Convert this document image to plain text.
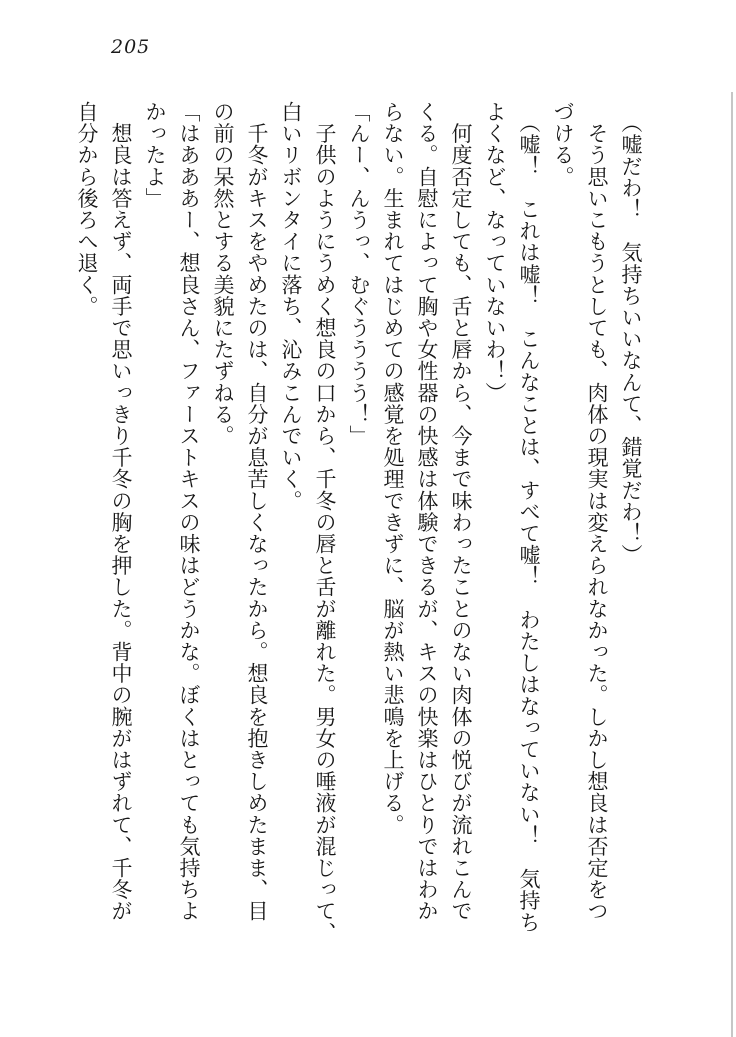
205
　（嘘だわ！　気持ちいいなんて、錯覚だわ！）
　そう思いこもうとしても、肉体の現実は変えられなかった。しかし想良は否定をつ
づける。
　（嘘！　これは嘘！　こんなことは、すべて嘘！　わたしはなっていない！　気持ち
よくなど、なっていないわ！）
　何度否定しても、舌と唇から、今まで味わったことのない肉体の悦びが流れこんで
くる。自慰によって胸や女性器の快感は体験できるが、キスの快楽はひとりではわか
らない。生まれてはじめての感覚を処理できずに、脳が熱い悲鳴を上げる。
「んー、んうっ、むぐうううう！」
　子供のようにうめく想良の口から、千冬の唇と舌が離れた。男女の唾液が混じって、
白いリボンタイに落ち、沁みこんでいく。
　千冬がキスをやめたのは、自分が息苦しくなったから。想良を抱きしめたまま、目
の前の呆然とする美貌にたずねる。
「はあああー、想良さん、ファーストキスの味はどうかな。ぼくはとっても気持ちよ
かったよ」
　想良は答えず、両手で思いっきり千冬の胸を押した。背中の腕がはずれて、千冬が
自分から後ろへ退く。
